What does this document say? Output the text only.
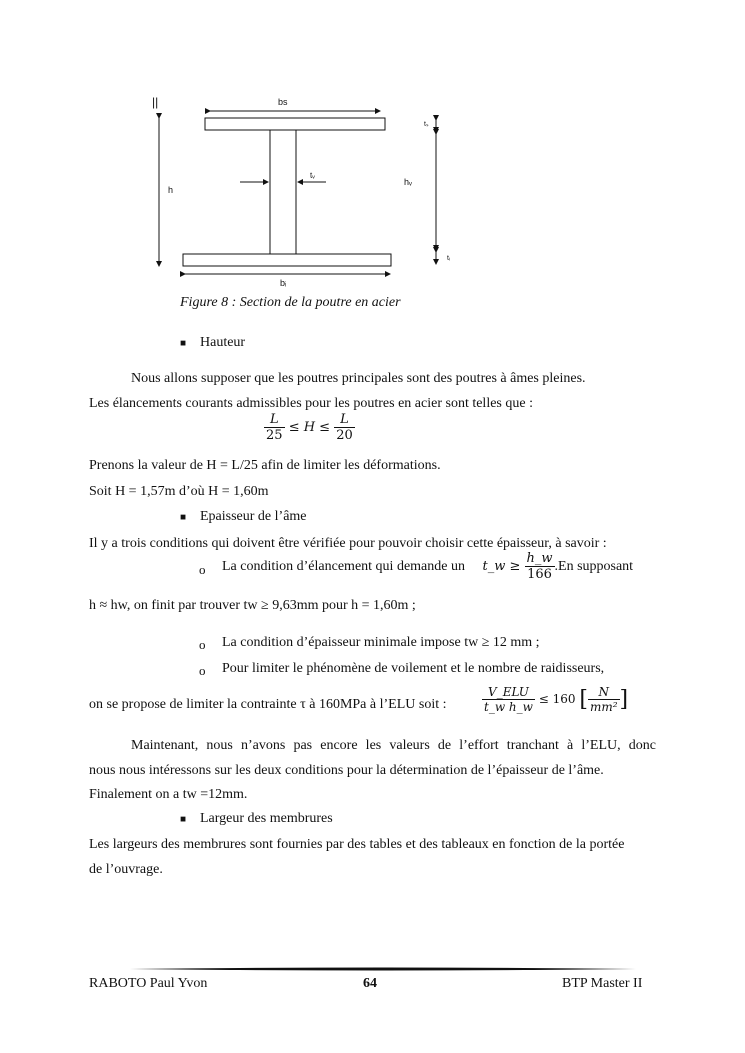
||	bs
h
tᵥ
bᵢ
tₛ
hᵥ
tᵢ
Figure 8 : Section de la poutre en acier
■ Hauteur
Nous allons supposer que les poutres principales sont des poutres à âmes pleines.
Les élancements courants admissibles pour les poutres en acier sont telles que :
$\frac{L}{25} \le H \le \frac{L}{20}$
Prenons la valeur de H = L/25 afin de limiter les déformations.
Soit H = 1,57m d’où H = 1,60m
■ Epaisseur de l’âme
Il y a trois conditions qui doivent être vérifiée pour pouvoir choisir cette épaisseur, à savoir :
o La condition d’élancement qui demande un t_w ≥ $\frac{h\_w}{166} .En$ supposant
h ≈ hw, on finit par trouver tw ≥ 9,63mm pour h = 1,60m ;
o La condition d’épaisseur minimale impose tw ≥ 12 mm ;
o Pour limiter le phénomène de voilement et le nombre de raidisseurs,
on se propose de limiter la contrainte τ à 160MPa à l’ELU soit :	$\frac{\text{V\_ELU}}{\text{t\_w h\_w}} \le 160$ [ $\frac{N}{\text{mm²}}$ ]
Maintenant, nous n’avons pas encore les valeurs de l’effort tranchant à l’ELU, donc
nous nous intéressons sur les deux conditions pour la détermination de l’épaisseur de l’âme.
Finalement on a tw =12mm.
■ Largeur des membrures
Les largeurs des membrures sont fournies par des tables et des tableaux en fonction de la portée
de l’ouvrage.
RABOTO Paul Yvon	64	BTP Master II
